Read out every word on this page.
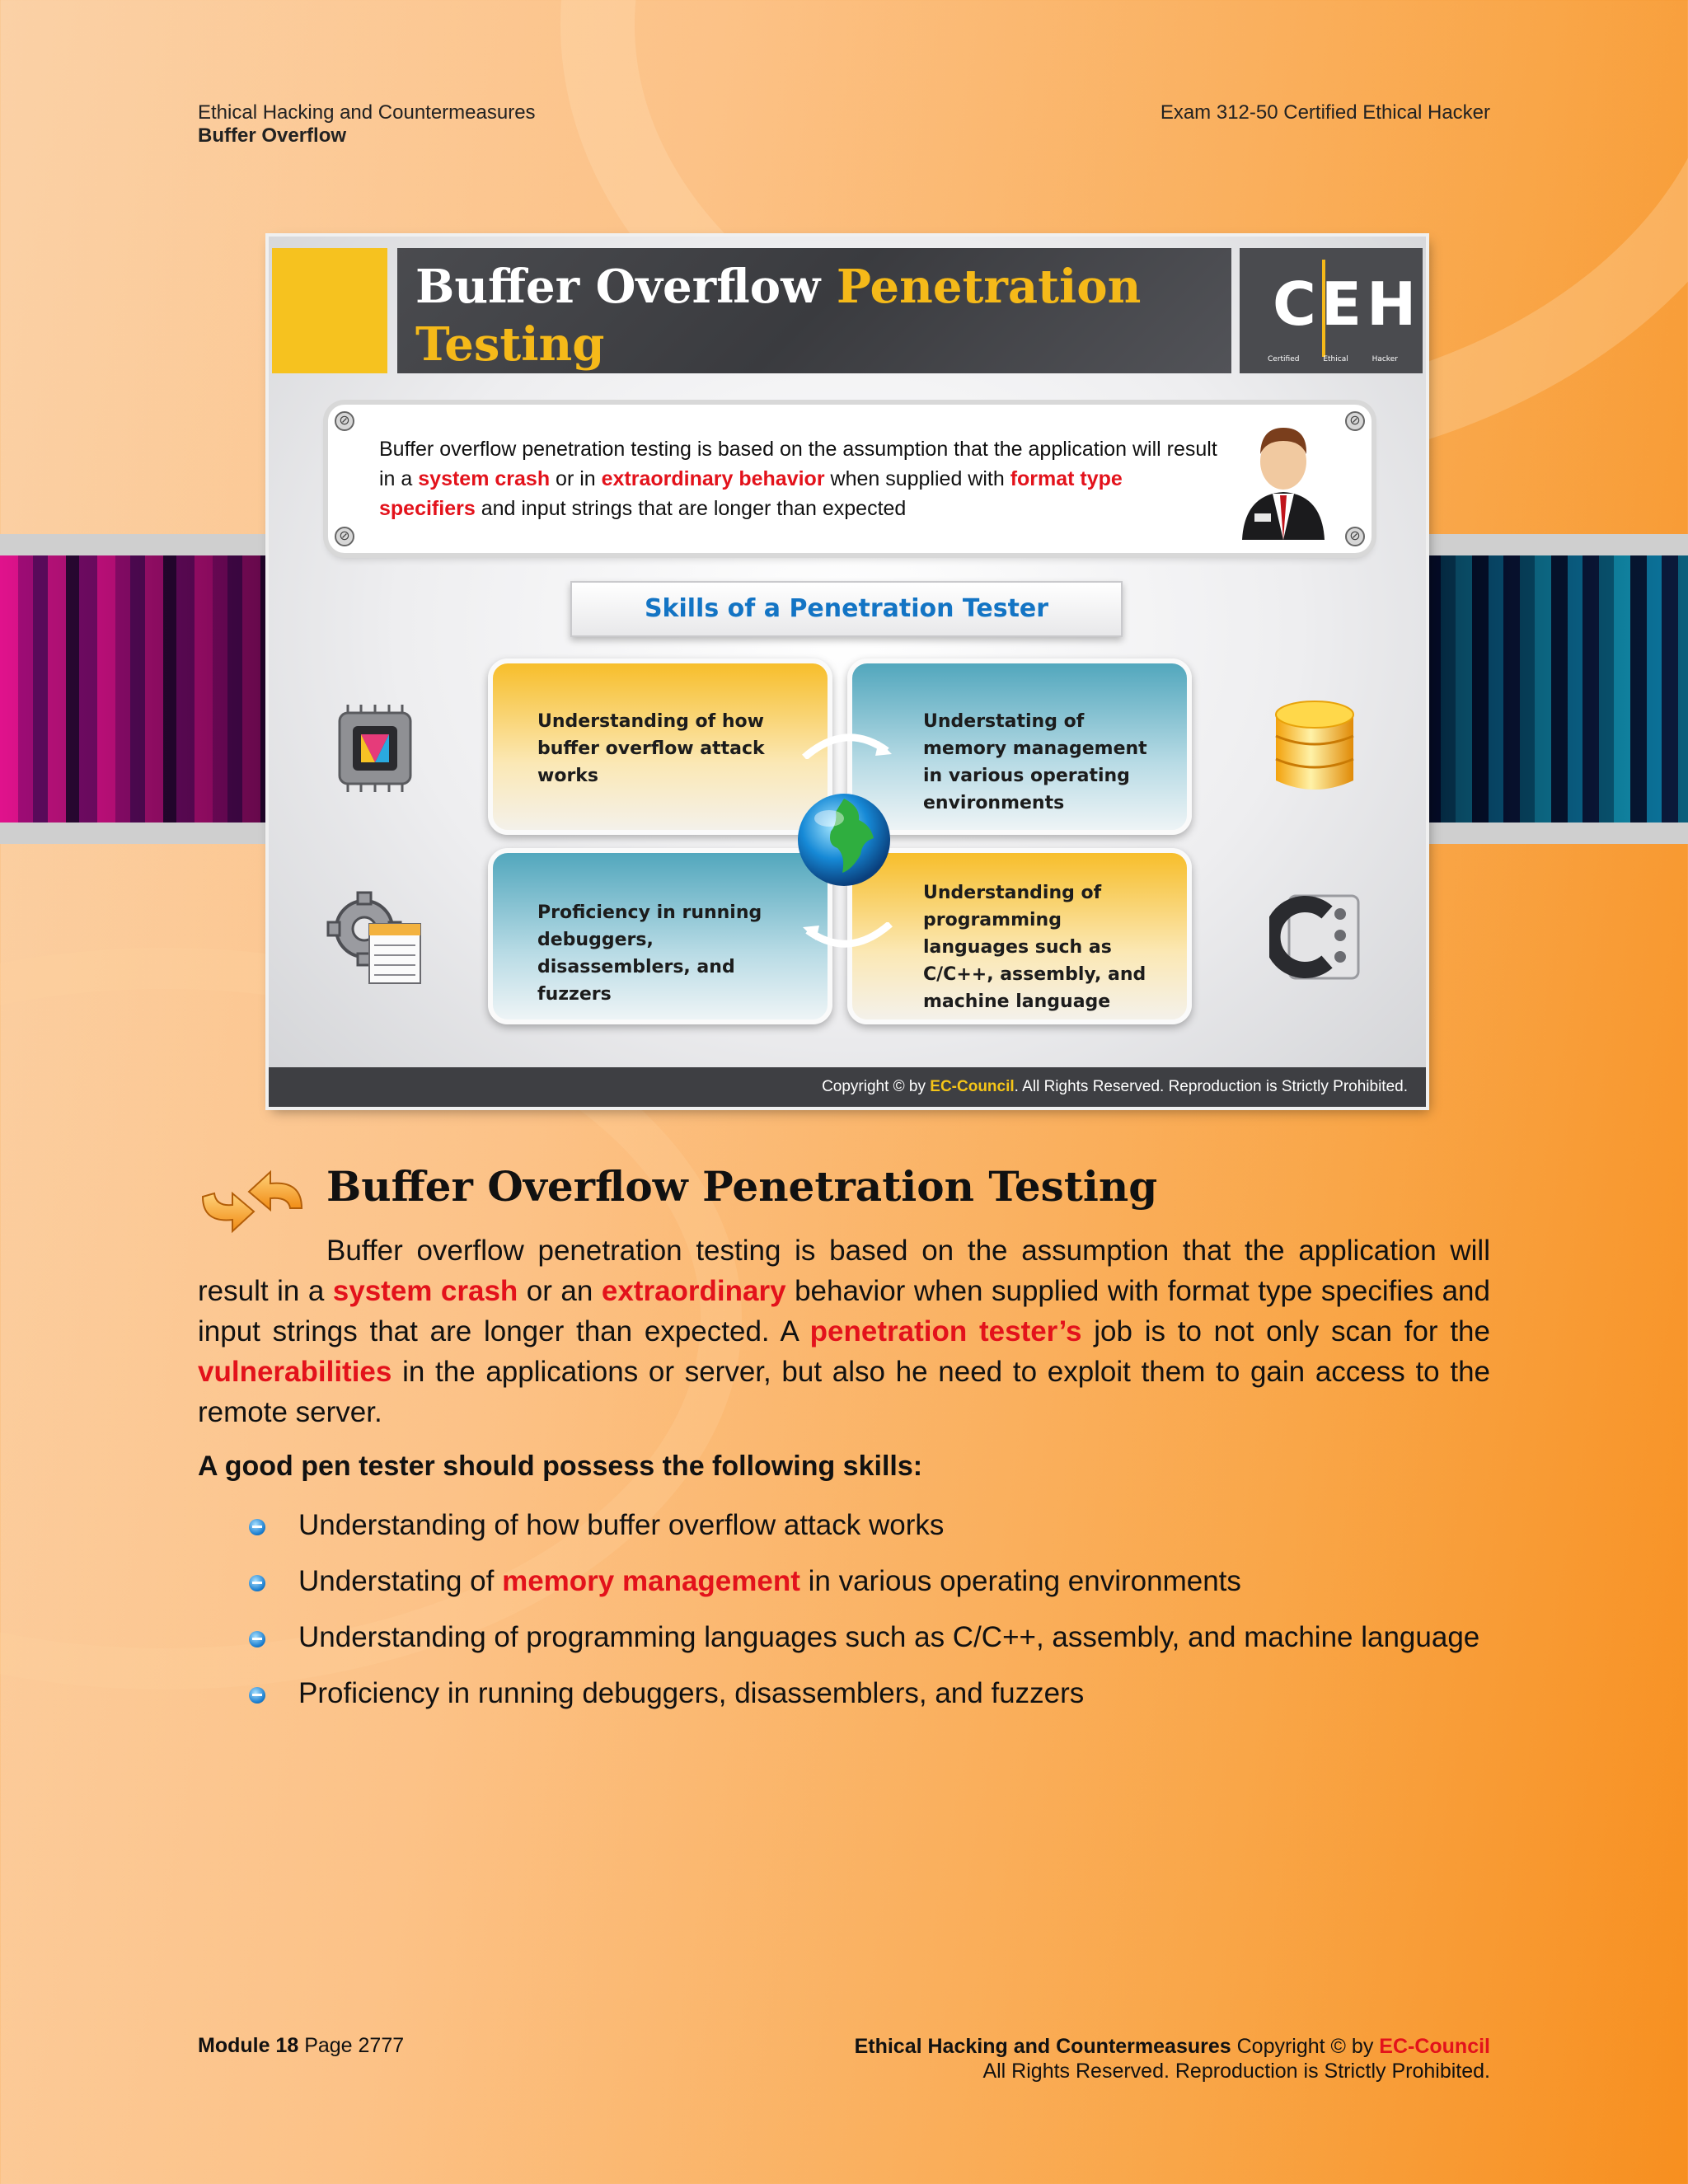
Ethical Hacking and Countermeasures
Buffer Overflow
Exam 312-50 Certified Ethical Hacker
Buffer Overflow Penetration Testing
CEH
Certified Ethical Hacker
⊘	⊘
⊘	⊘
Buffer overflow penetration testing is based on the assumption that the application will result in a system crash or in extraordinary behavior when supplied with format type specifiers and input strings that are longer than expected
Skills of a Penetration Tester
Understanding of how buffer overflow attack works
Understating of memory management in various operating environments
Proficiency in running debuggers, disassemblers, and fuzzers
Understanding of programming languages such as C/C++, assembly, and machine language
Copyright © by EC-Council. All Rights Reserved. Reproduction is Strictly Prohibited.
Buffer Overflow Penetration Testing
Buffer overflow penetration testing is based on the assumption that the application will result in a system crash or an extraordinary behavior when supplied with format type specifies and input strings that are longer than expected. A penetration tester’s job is to not only scan for the vulnerabilities in the applications or server, but also he need to exploit them to gain access to the remote server.
A good pen tester should possess the following skills:
Understanding of how buffer overflow attack works
Understating of memory management in various operating environments
Understanding of programming languages such as C/C++, assembly, and machine language
Proficiency in running debuggers, disassemblers, and fuzzers
Module 18 Page 2777	Ethical Hacking and Countermeasures Copyright © by EC-Council
All Rights Reserved. Reproduction is Strictly Prohibited.
